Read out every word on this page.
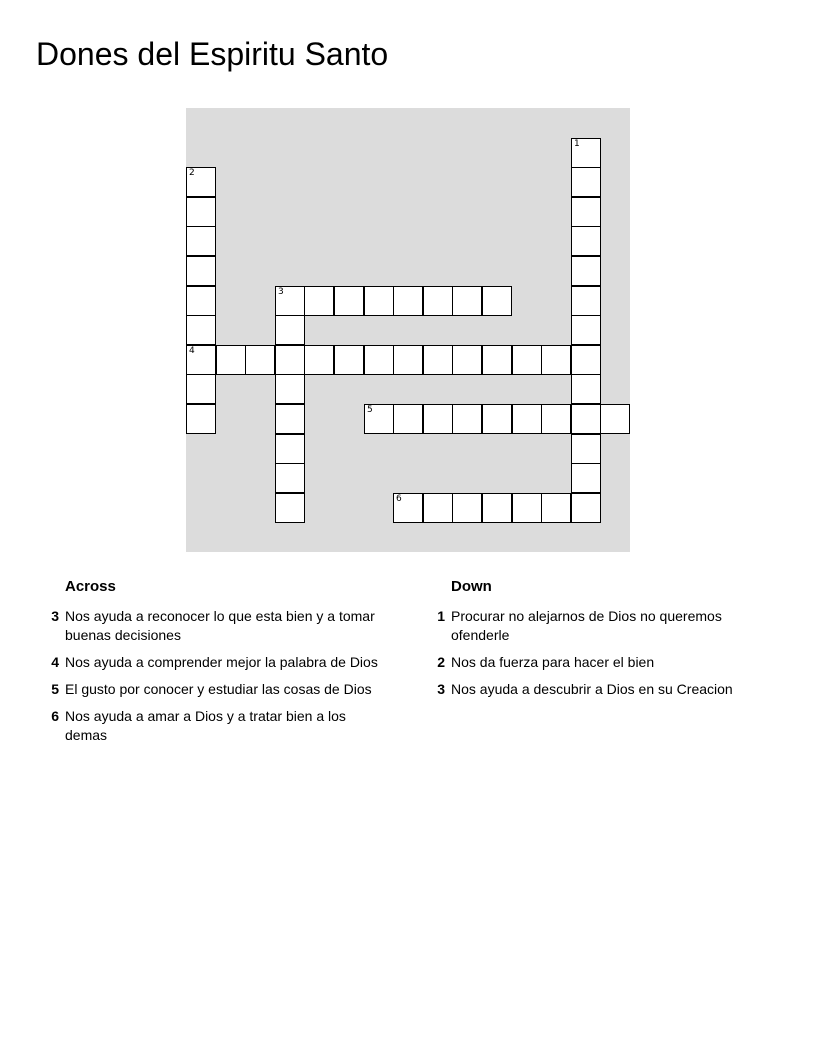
Dones del Espiritu Santo
1
2
4
3
5
6
Across
3 Nos ayuda a reconocer lo que esta bien y a tomar buenas decisiones
4 Nos ayuda a comprender mejor la palabra de Dios
5 El gusto por conocer y estudiar las cosas de Dios
6 Nos ayuda a amar a Dios y a tratar bien a los demas
Down
1 Procurar no alejarnos de Dios no queremos ofenderle
2 Nos da fuerza para hacer el bien
3 Nos ayuda a descubrir a Dios en su Creacion
